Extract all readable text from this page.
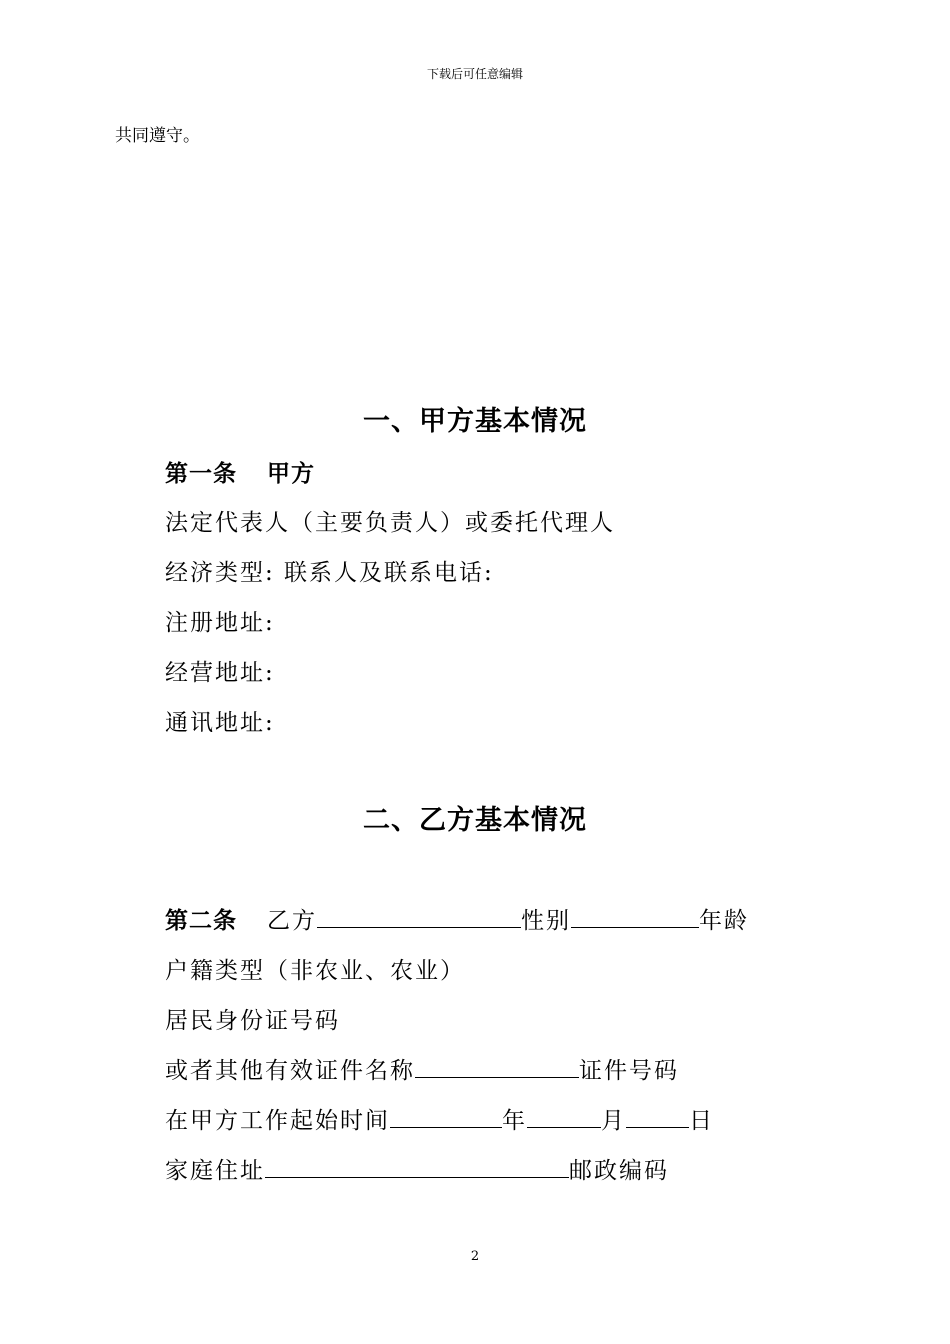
下载后可任意编辑
共同遵守。
一、甲方基本情况
第一条 甲方
法定代表人（主要负责人）或委托代理人
经济类型: 联系人及联系电话:
注册地址:
经营地址:
通讯地址:
二、乙方基本情况
第二条 乙方	性别	年龄
户籍类型（非农业、农业）
居民身份证号码
或者其他有效证件名称	证件号码
在甲方工作起始时间	年	月	日
家庭住址	邮政编码
2
